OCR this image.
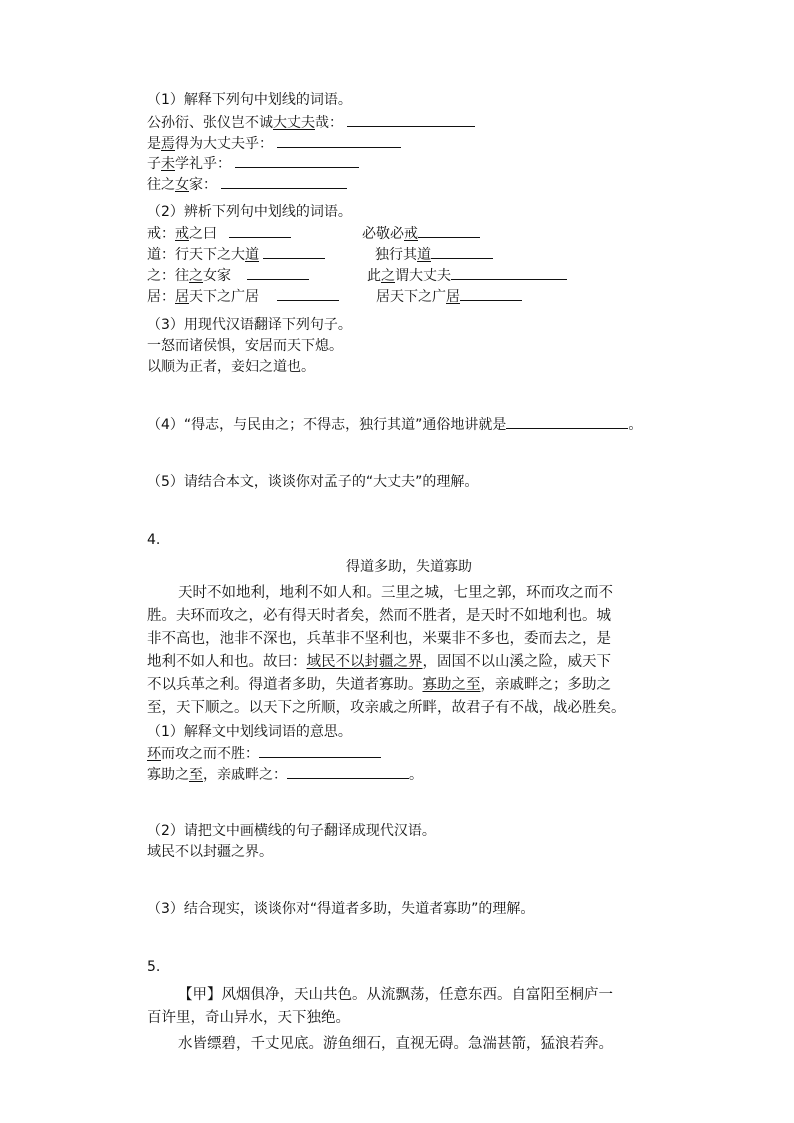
（1）解释下列句中划线的词语。
公孙衍、张仪岂不诚大丈夫哉：
是焉得为大丈夫乎：
子未学礼乎：
往之女家：
（2）辨析下列句中划线的词语。
戒：戒之曰	必敬必戒
道：行天下之大道	独行其道
之：往之女家	此之谓大丈夫
居：居天下之广居	居天下之广居
（3）用现代汉语翻译下列句子。
一怒而诸侯惧，安居而天下熄。
以顺为正者，妾妇之道也。
（4）“得志，与民由之；不得志，独行其道”通俗地讲就是	。
（5）请结合本文，谈谈你对孟子的“大丈夫”的理解。
4.
得道多助，失道寡助
天时不如地利，地利不如人和。三里之城，七里之郭，环而攻之而不
胜。夫环而攻之，必有得天时者矣，然而不胜者，是天时不如地利也。城
非不高也，池非不深也，兵革非不坚利也，米粟非不多也，委而去之，是
地利不如人和也。故曰：域民不以封疆之界，固国不以山溪之险，威天下
不以兵革之利。得道者多助，失道者寡助。寡助之至，亲戚畔之；多助之
至，天下顺之。以天下之所顺，攻亲戚之所畔，故君子有不战，战必胜矣。
（1）解释文中划线词语的意思。
环而攻之而不胜：
寡助之至，亲戚畔之：	。
（2）请把文中画横线的句子翻译成现代汉语。
域民不以封疆之界。
（3）结合现实，谈谈你对“得道者多助，失道者寡助”的理解。
5.
【甲】风烟俱净，天山共色。从流飘荡，任意东西。自富阳至桐庐一
百许里，奇山异水，天下独绝。
水皆缥碧，千丈见底。游鱼细石，直视无碍。急湍甚箭，猛浪若奔。
